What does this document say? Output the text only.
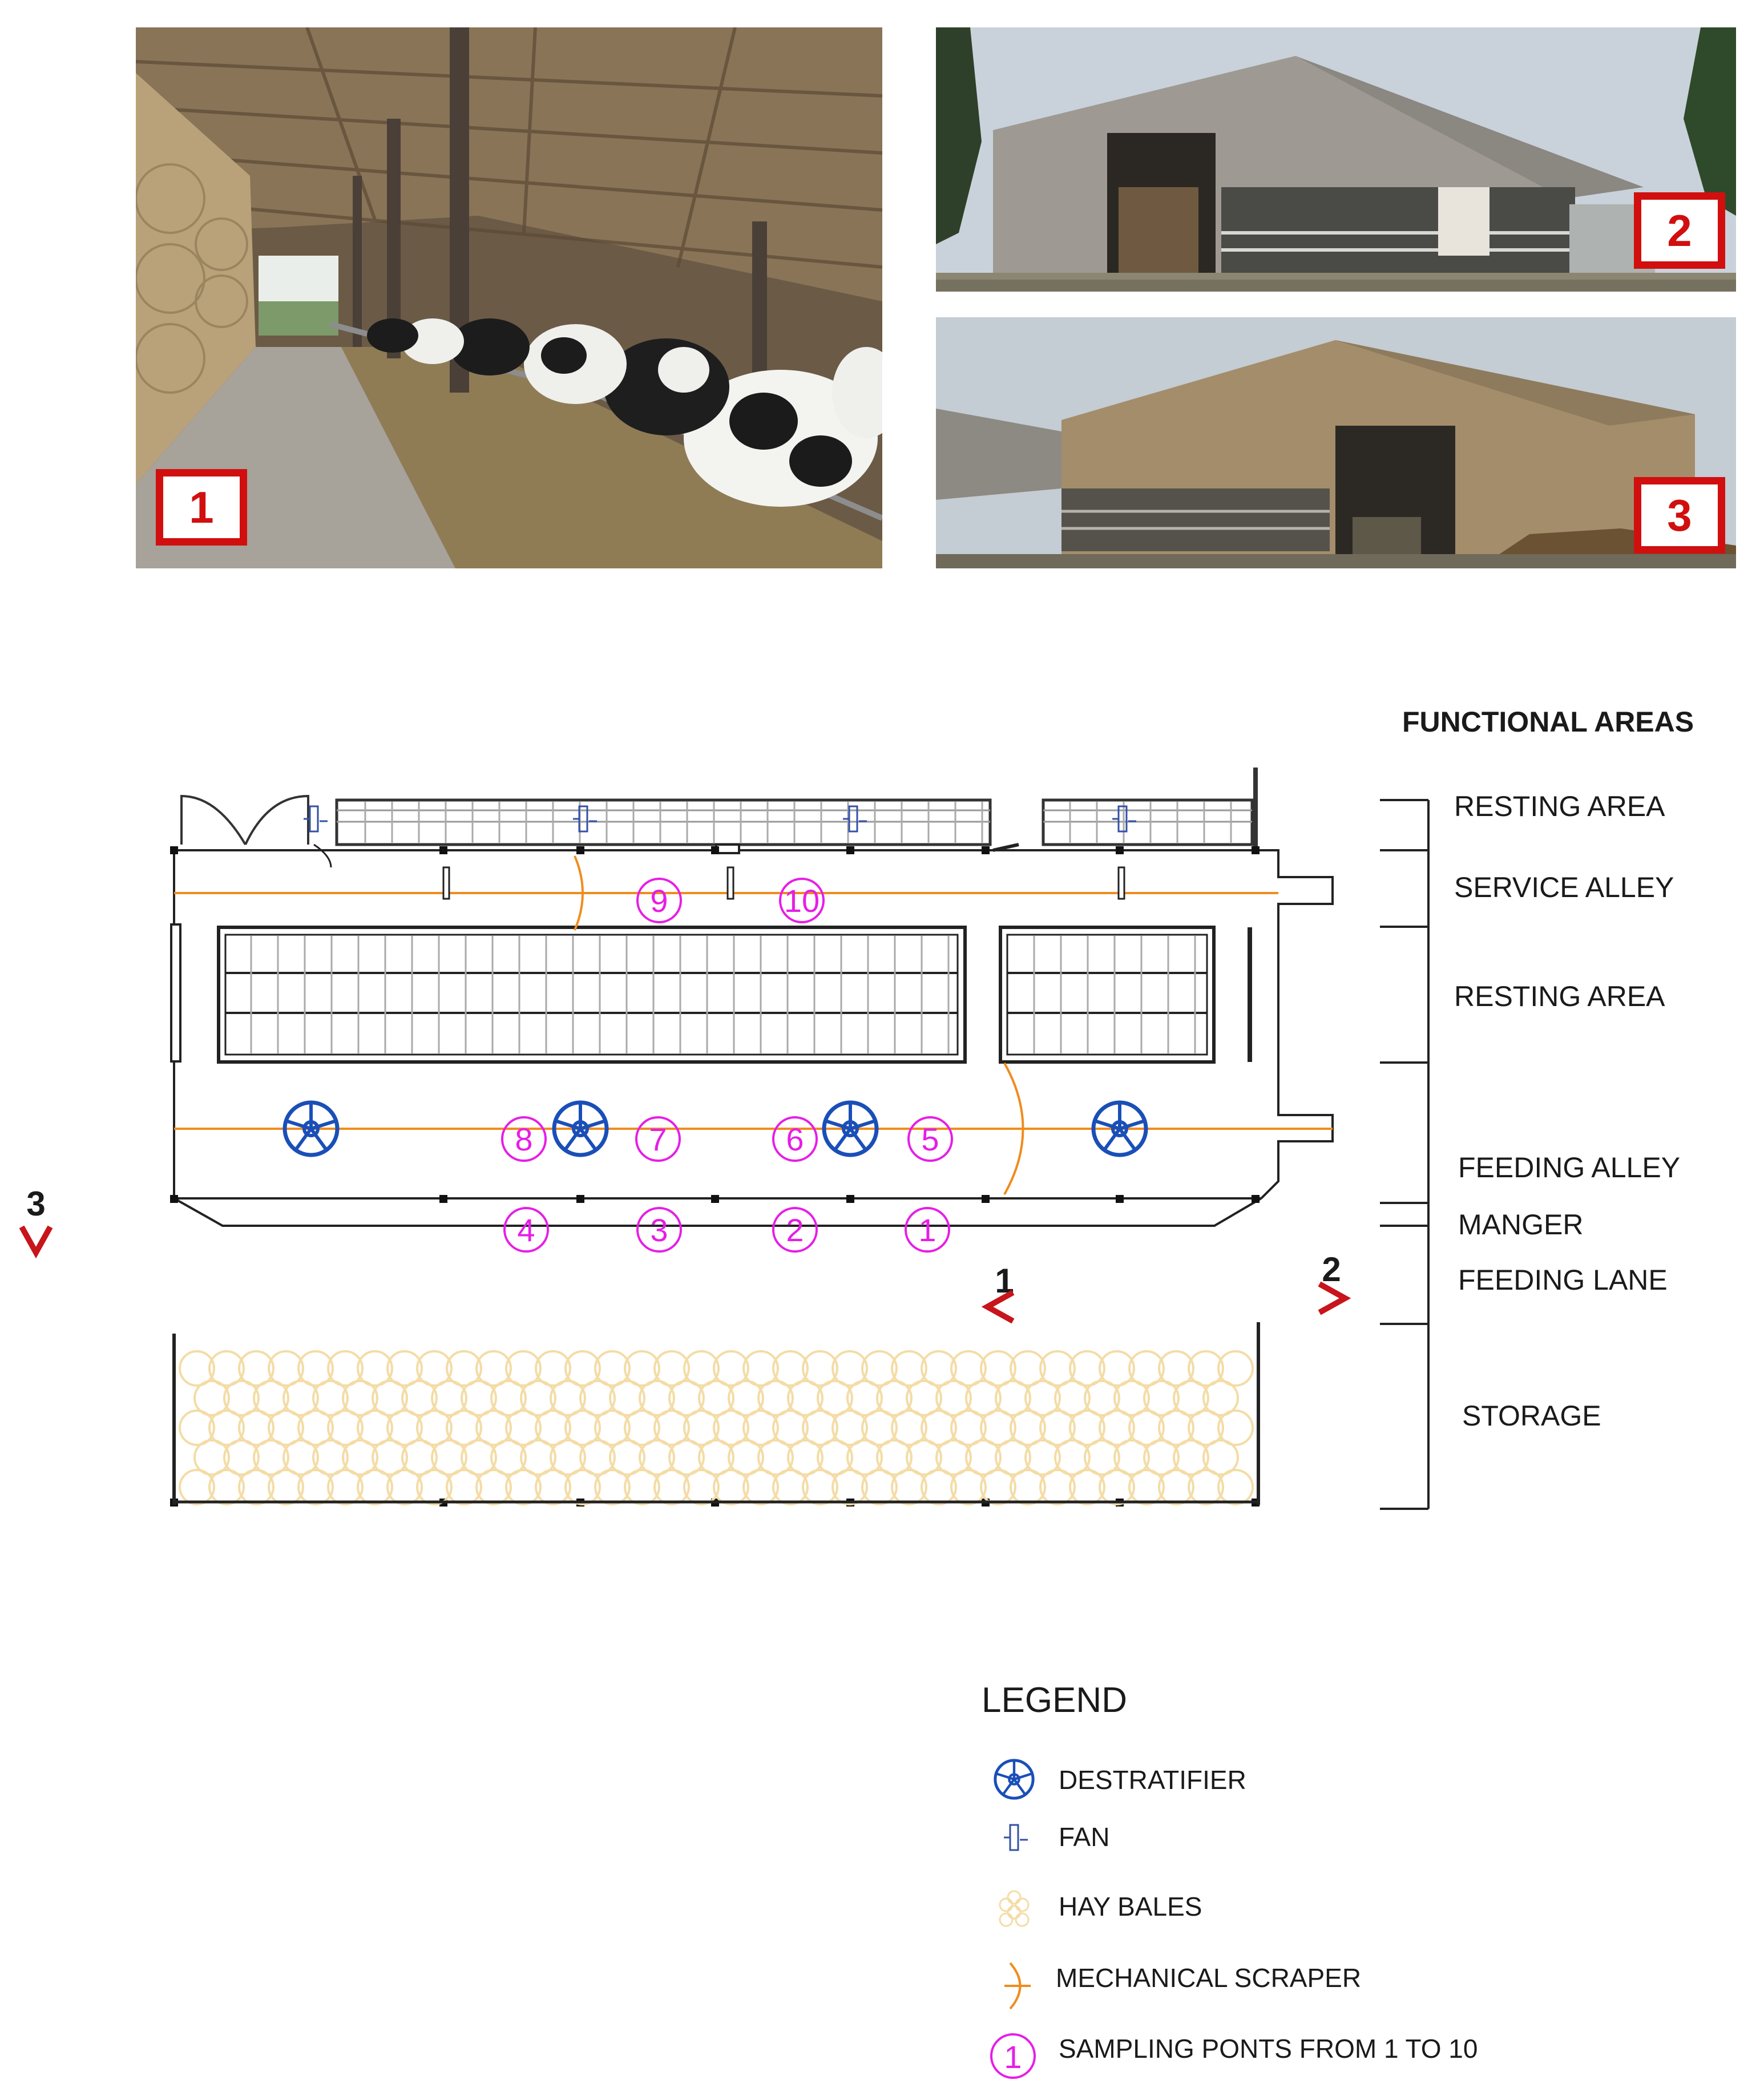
1
2
3
1
2
3
4
5
6
7
8
9	10
1	2
3
FUNCTIONAL AREAS
RESTING AREA
SERVICE ALLEY
RESTING AREA
FEEDING ALLEY
MANGER
FEEDING LANE
STORAGE
LEGEND
DESTRATIFIER
FAN
HAY BALES
MECHANICAL SCRAPER
1 SAMPLING PONTS FROM 1 TO 10
